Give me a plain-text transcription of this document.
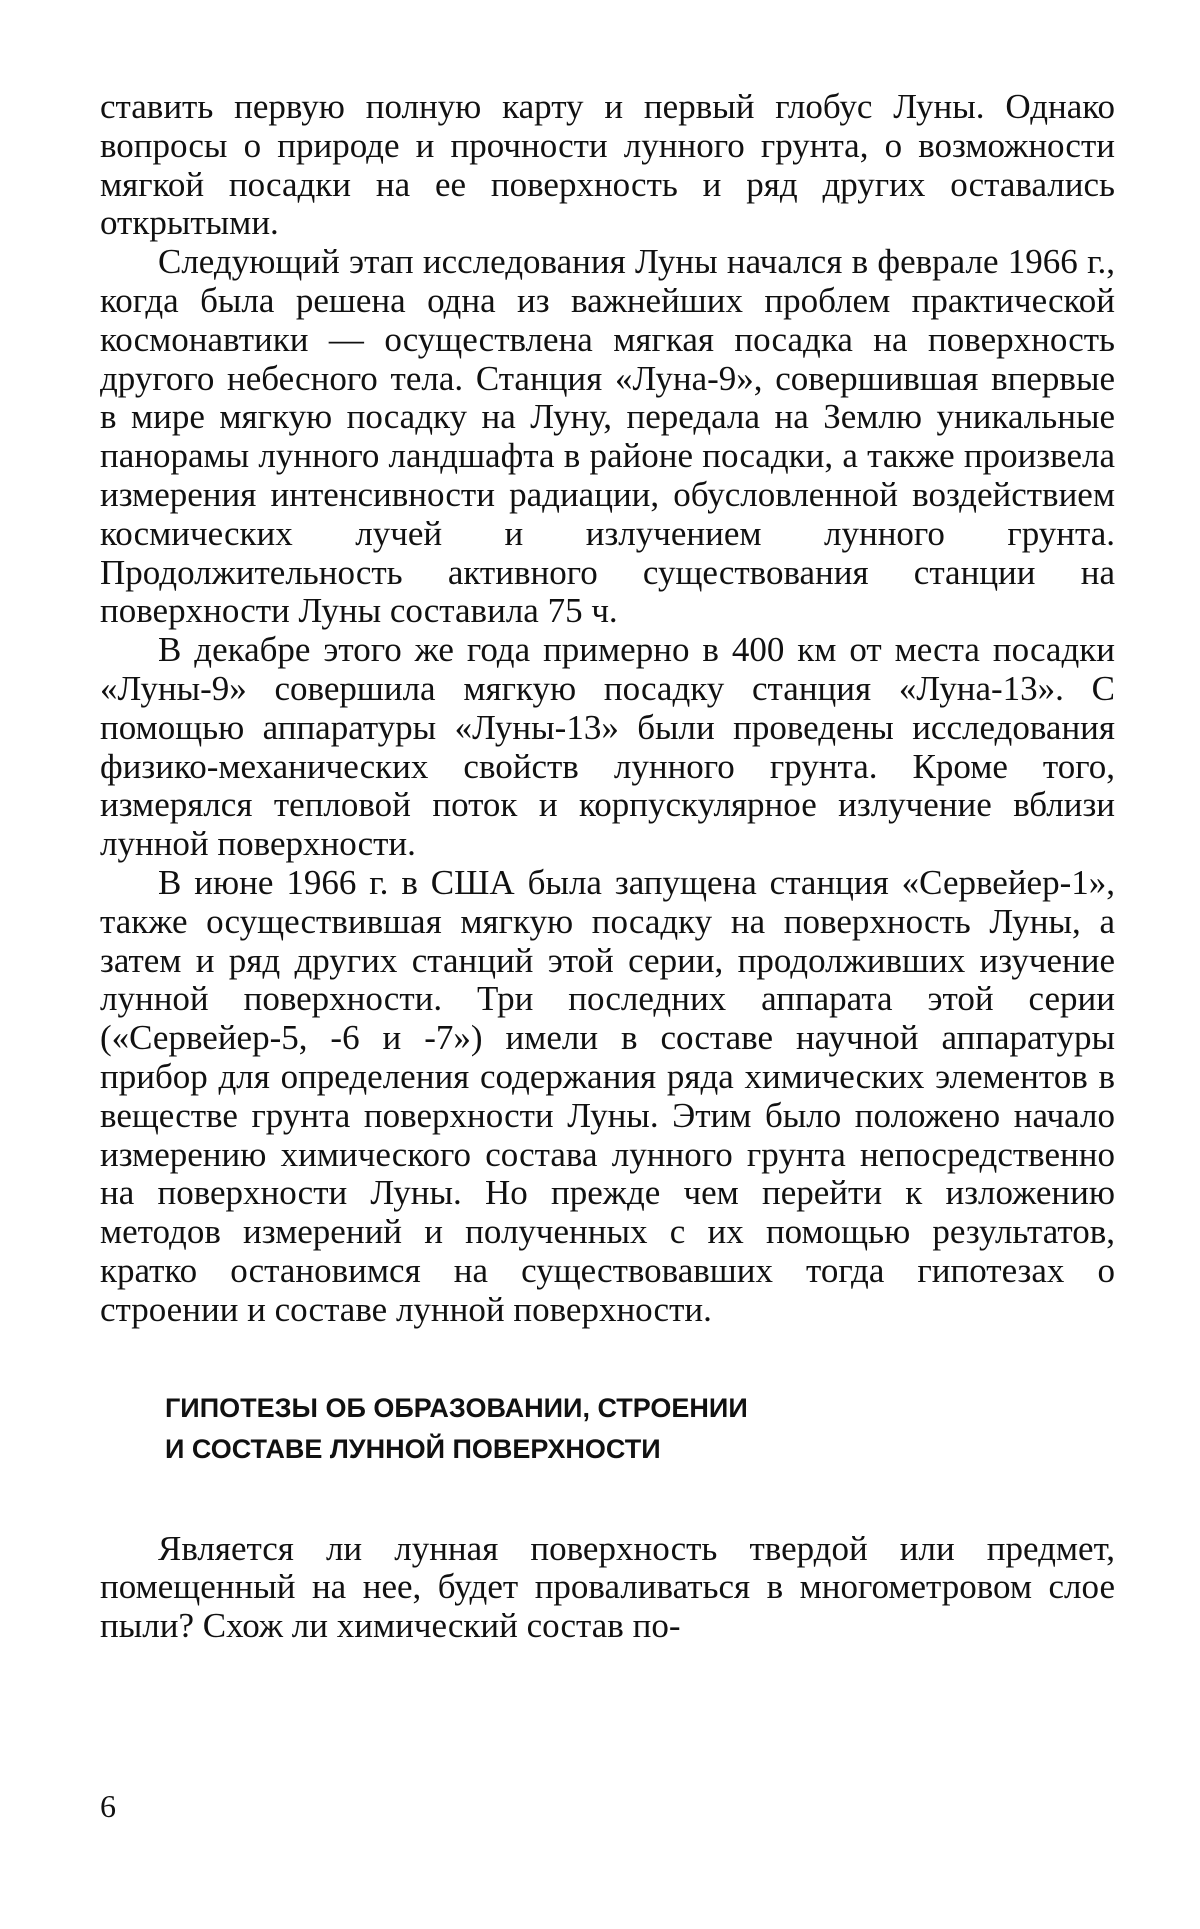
ставить первую полную карту и первый глобус Луны. Однако вопросы о природе и прочности лунного грунта, о возможности мягкой посадки на ее поверхность и ряд других оставались открытыми.

Следующий этап исследования Луны начался в феврале 1966 г., когда была решена одна из важнейших проблем практической космонавтики — осуществлена мягкая посадка на поверхность другого небесного тела. Станция «Луна-9», совершившая впервые в мире мягкую посадку на Луну, передала на Землю уникальные панорамы лунного ландшафта в районе посадки, а также произвела измерения интенсивности радиации, обусловленной воздействием космических лучей и излучением лунного грунта. Продолжительность активного существования станции на поверхности Луны составила 75 ч.

В декабре этого же года примерно в 400 км от места посадки «Луны-9» совершила мягкую посадку станция «Луна-13». С помощью аппаратуры «Луны-13» были проведены исследования физико-механических свойств лунного грунта. Кроме того, измерялся тепловой поток и корпускулярное излучение вблизи лунной поверхности.

В июне 1966 г. в США была запущена станция «Сервейер-1», также осуществившая мягкую посадку на поверхность Луны, а затем и ряд других станций этой серии, продолживших изучение лунной поверхности. Три последних аппарата этой серии («Сервейер-5, -6 и -7») имели в составе научной аппаратуры прибор для определения содержания ряда химических элементов в веществе грунта поверхности Луны. Этим было положено начало измерению химического состава лунного грунта непосредственно на поверхности Луны. Но прежде чем перейти к изложению методов измерений и полученных с их помощью результатов, кратко остановимся на существовавших тогда гипотезах о строении и составе лунной поверхности.

ГИПОТЕЗЫ ОБ ОБРАЗОВАНИИ, СТРОЕНИИ
И СОСТАВЕ ЛУННОЙ ПОВЕРХНОСТИ

Является ли лунная поверхность твердой или предмет, помещенный на нее, будет проваливаться в многометровом слое пыли? Схож ли химический состав по-

6
